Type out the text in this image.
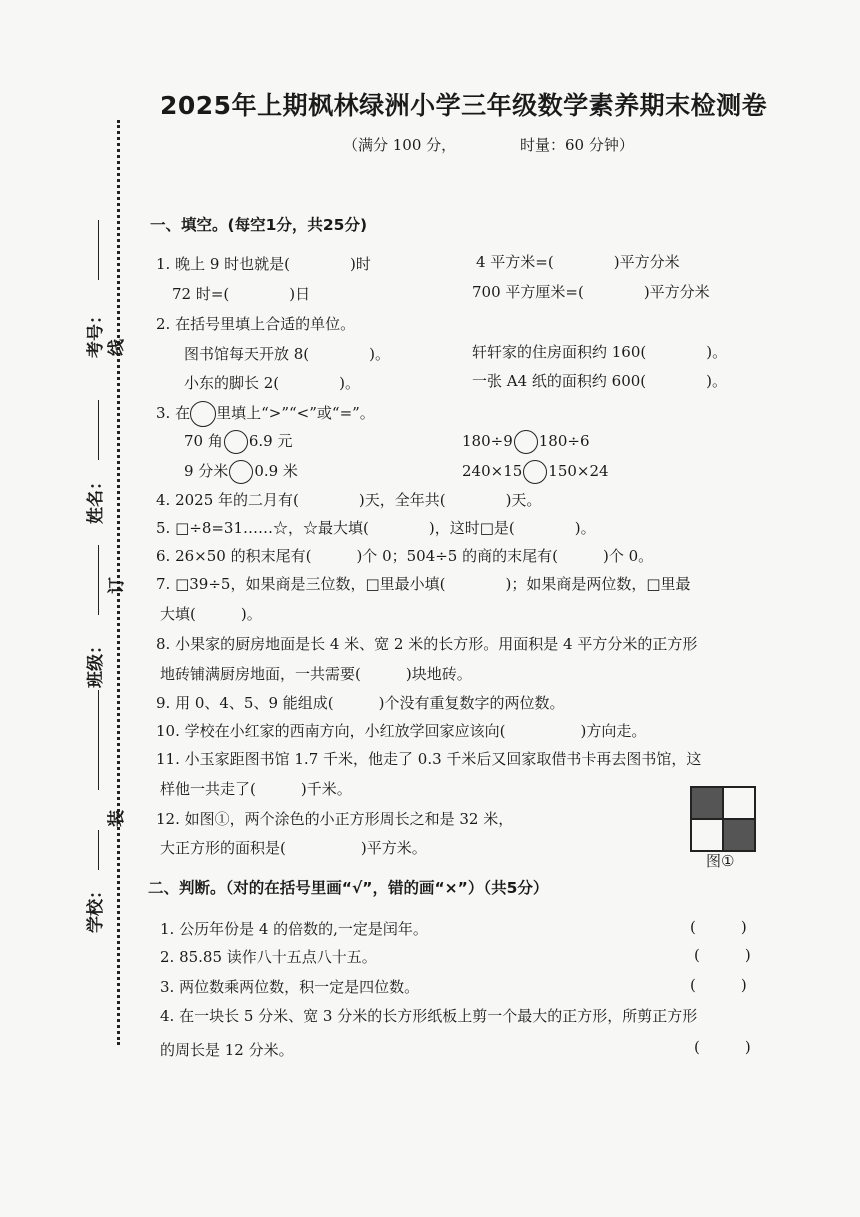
考号：
姓名：
班级：
学校：
线
订
装
2025年上期枫林绿洲小学三年级数学素养期末检测卷
（满分 100 分，	时量：60 分钟）
一、填空。(每空1分，共25分)
1. 晚上 9 时也就是(　　　　)时	4 平方米=(　　　　)平方分米
72 时=(　　　　)日	700 平方厘米=(　　　　)平方分米
2. 在括号里填上合适的单位。
图书馆每天开放 8(　　　　)。	轩轩家的住房面积约 160(　　　　)。
小东的脚长 2(　　　　)。	一张 A4 纸的面积约 600(　　　　)。
3. 在 里填上“>”“<”或“=”。
70 角 6.9 元	180÷9 180÷6
9 分米 0.9 米	240×15 150×24
4. 2025 年的二月有(　　　　)天，全年共(　　　　)天。
5. □÷8=31……☆，☆最大填(　　　　)，这时□是(　　　　)。
6. 26×50 的积末尾有(　　　)个 0；504÷5 的商的末尾有(　　　)个 0。
7. □39÷5，如果商是三位数，□里最小填(　　　　)；如果商是两位数，□里最
大填(　　　)。
8. 小果家的厨房地面是长 4 米、宽 2 米的长方形。用面积是 4 平方分米的正方形
地砖铺满厨房地面，一共需要(　　　)块地砖。
9. 用 0、4、5、9 能组成(　　　)个没有重复数字的两位数。
10. 学校在小红家的西南方向，小红放学回家应该向(　　　　　)方向走。
11. 小玉家距图书馆 1.7 千米，他走了 0.3 千米后又回家取借书卡再去图书馆，这
样他一共走了(　　　)千米。
12. 如图①，两个涂色的小正方形周长之和是 32 米，
大正方形的面积是(　　　　　)平方米。
图①
二、判断。（对的在括号里画“√”，错的画“×”）（共5分）
1. 公历年份是 4 的倍数的,一定是闰年。	(　　　)
2. 85.85 读作八十五点八十五。	(　　　)
3. 两位数乘两位数，积一定是四位数。	(　　　)
4. 在一块长 5 分米、宽 3 分米的长方形纸板上剪一个最大的正方形，所剪正方形
的周长是 12 分米。	(　　　)
